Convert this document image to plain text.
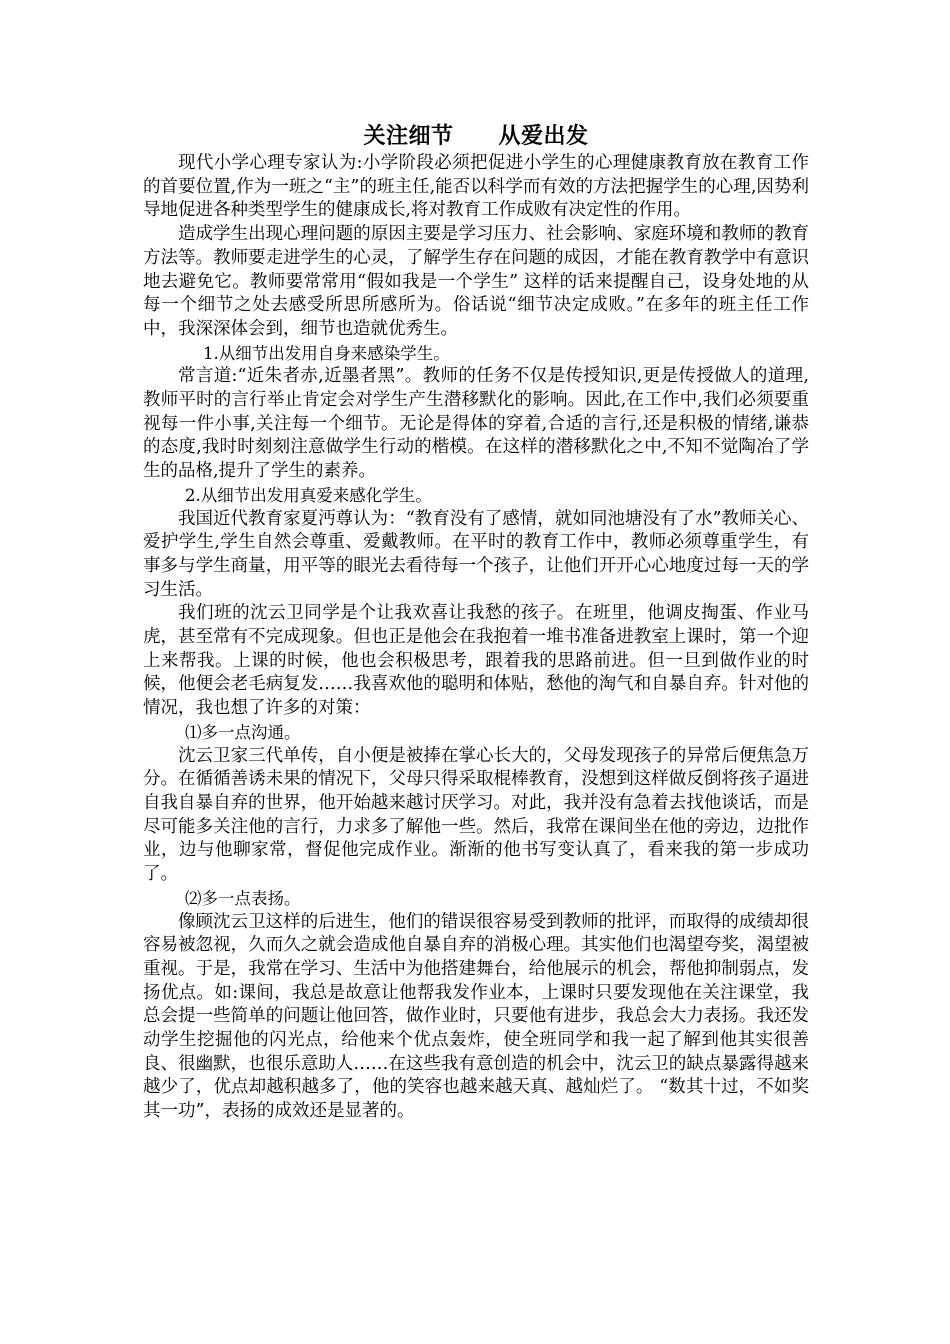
关注细节　　从爱出发

现代小学心理专家认为:小学阶段必须把促进小学生的心理健康教育放在教育工作的首要位置,作为一班之“主”的班主任,能否以科学而有效的方法把握学生的心理,因势利导地促进各种类型学生的健康成长,将对教育工作成败有决定性的作用。

造成学生出现心理问题的原因主要是学习压力、社会影响、家庭环境和教师的教育方法等。教师要走进学生的心灵，了解学生存在问题的成因，才能在教育教学中有意识地去避免它。教师要常常用“假如我是一个学生” 这样的话来提醒自己，设身处地的从每一个细节之处去感受所思所感所为。俗话说“细节决定成败。”在多年的班主任工作中，我深深体会到，细节也造就优秀生。

1.从细节出发用自身来感染学生。

常言道:“近朱者赤,近墨者黑”。教师的任务不仅是传授知识,更是传授做人的道理,教师平时的言行举止肯定会对学生产生潜移默化的影响。因此,在工作中,我们必须要重视每一件小事,关注每一个细节。无论是得体的穿着,合适的言行,还是积极的情绪,谦恭的态度,我时时刻刻注意做学生行动的楷模。在这样的潜移默化之中,不知不觉陶冶了学生的品格,提升了学生的素养。

2.从细节出发用真爱来感化学生。

我国近代教育家夏沔尊认为：“教育没有了感情，就如同池塘没有了水”教师关心、爱护学生,学生自然会尊重、爱戴教师。在平时的教育工作中，教师必须尊重学生，有事多与学生商量，用平等的眼光去看待每一个孩子，让他们开开心心地度过每一天的学习生活。

我们班的沈云卫同学是个让我欢喜让我愁的孩子。在班里，他调皮掏蛋、作业马虎，甚至常有不完成现象。但也正是他会在我抱着一堆书准备进教室上课时，第一个迎上来帮我。上课的时候，他也会积极思考，跟着我的思路前进。但一旦到做作业的时候，他便会老毛病复发……我喜欢他的聪明和体贴，愁他的淘气和自暴自弃。针对他的情况，我也想了许多的对策：

⑴多一点沟通。

沈云卫家三代单传，自小便是被捧在掌心长大的，父母发现孩子的异常后便焦急万分。在循循善诱未果的情况下，父母只得采取棍棒教育，没想到这样做反倒将孩子逼进自我自暴自弃的世界，他开始越来越讨厌学习。对此，我并没有急着去找他谈话，而是尽可能多关注他的言行，力求多了解他一些。然后，我常在课间坐在他的旁边，边批作业，边与他聊家常，督促他完成作业。渐渐的他书写变认真了，看来我的第一步成功了。

⑵多一点表扬。

像顾沈云卫这样的后进生，他们的错误很容易受到教师的批评，而取得的成绩却很容易被忽视，久而久之就会造成他自暴自弃的消极心理。其实他们也渴望夸奖，渴望被重视。于是，我常在学习、生活中为他搭建舞台，给他展示的机会，帮他抑制弱点，发扬优点。如:课间，我总是故意让他帮我发作业本，上课时只要发现他在关注课堂，我总会提一些简单的问题让他回答，做作业时，只要他有进步，我总会大力表扬。我还发动学生挖掘他的闪光点，给他来个优点轰炸，使全班同学和我一起了解到他其实很善良、很幽默，也很乐意助人……在这些我有意创造的机会中，沈云卫的缺点暴露得越来越少了，优点却越积越多了，他的笑容也越来越天真、越灿烂了。 “数其十过，不如奖其一功”，表扬的成效还是显著的。
